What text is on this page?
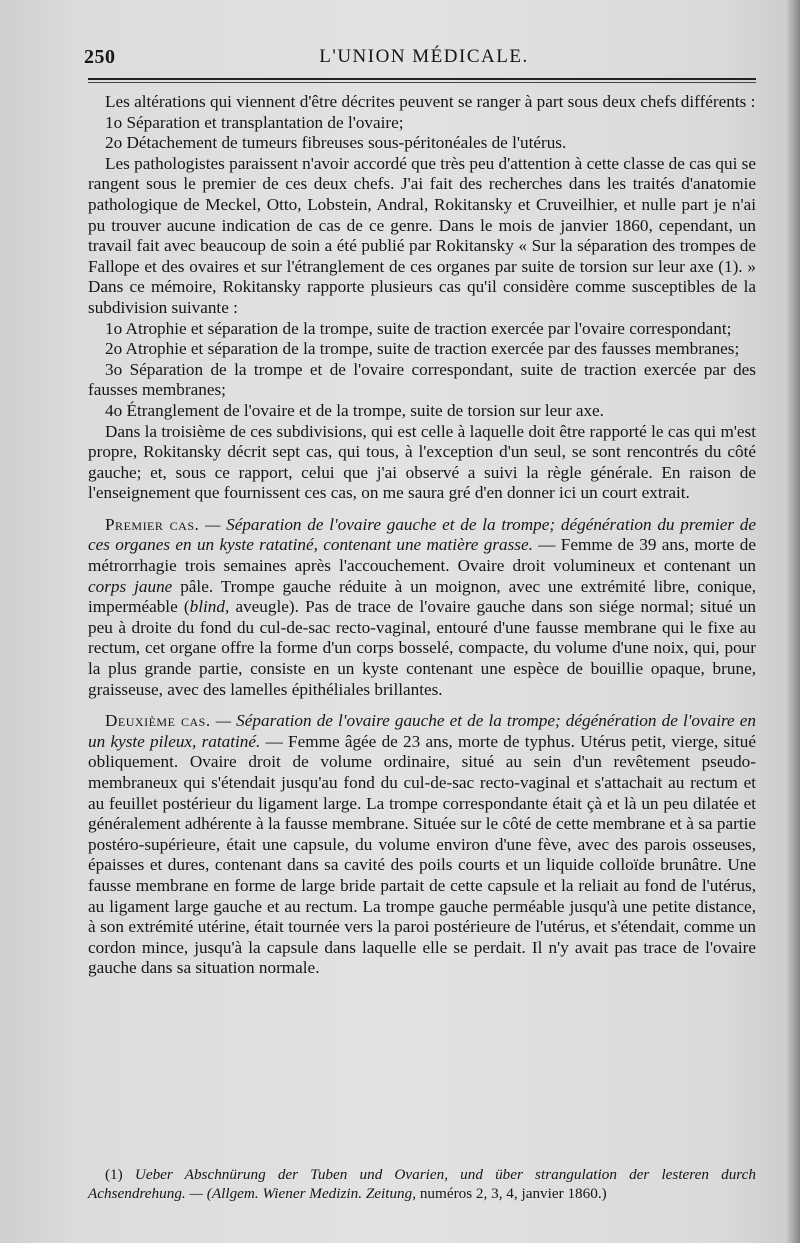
L'UNION MÉDICALE.
250

Les altérations qui viennent d'être décrites peuvent se ranger à part sous deux chefs différents :

1o Séparation et transplantation de l'ovaire;

2o Détachement de tumeurs fibreuses sous-péritonéales de l'utérus.

Les pathologistes paraissent n'avoir accordé que très peu d'attention à cette classe de cas qui se rangent sous le premier de ces deux chefs. J'ai fait des recherches dans les traités d'anatomie pathologique de Meckel, Otto, Lobstein, Andral, Rokitansky et Cruveilhier, et nulle part je n'ai pu trouver aucune indication de cas de ce genre. Dans le mois de janvier 1860, cependant, un travail fait avec beaucoup de soin a été publié par Rokitansky « Sur la séparation des trompes de Fallope et des ovaires et sur l'étranglement de ces organes par suite de torsion sur leur axe (1). » Dans ce mémoire, Rokitansky rapporte plusieurs cas qu'il considère comme susceptibles de la subdivision suivante :

1o Atrophie et séparation de la trompe, suite de traction exercée par l'ovaire correspondant;

2o Atrophie et séparation de la trompe, suite de traction exercée par des fausses membranes;

3o Séparation de la trompe et de l'ovaire correspondant, suite de traction exercée par des fausses membranes;

4o Étranglement de l'ovaire et de la trompe, suite de torsion sur leur axe.

Dans la troisième de ces subdivisions, qui est celle à laquelle doit être rapporté le cas qui m'est propre, Rokitansky décrit sept cas, qui tous, à l'exception d'un seul, se sont rencontrés du côté gauche; et, sous ce rapport, celui que j'ai observé a suivi la règle générale. En raison de l'enseignement que fournissent ces cas, on me saura gré d'en donner ici un court extrait.

Premier cas. — Séparation de l'ovaire gauche et de la trompe; dégénération du premier de ces organes en un kyste ratatiné, contenant une matière grasse. — Femme de 39 ans, morte de métrorrhagie trois semaines après l'accouchement. Ovaire droit volumineux et contenant un corps jaune pâle. Trompe gauche réduite à un moignon, avec une extrémité libre, conique, imperméable (blind, aveugle). Pas de trace de l'ovaire gauche dans son siége normal; situé un peu à droite du fond du cul-de-sac recto-vaginal, entouré d'une fausse membrane qui le fixe au rectum, cet organe offre la forme d'un corps bosselé, compacte, du volume d'une noix, qui, pour la plus grande partie, consiste en un kyste contenant une espèce de bouillie opaque, brune, graisseuse, avec des lamelles épithéliales brillantes.

Deuxième cas. — Séparation de l'ovaire gauche et de la trompe; dégénération de l'ovaire en un kyste pileux, ratatiné. — Femme âgée de 23 ans, morte de typhus. Utérus petit, vierge, situé obliquement. Ovaire droit de volume ordinaire, situé au sein d'un revêtement pseudo-membraneux qui s'étendait jusqu'au fond du cul-de-sac recto-vaginal et s'attachait au rectum et au feuillet postérieur du ligament large. La trompe correspondante était çà et là un peu dilatée et généralement adhérente à la fausse membrane. Située sur le côté de cette membrane et à sa partie postéro-supérieure, était une capsule, du volume environ d'une fève, avec des parois osseuses, épaisses et dures, contenant dans sa cavité des poils courts et un liquide colloïde brunâtre. Une fausse membrane en forme de large bride partait de cette capsule et la reliait au fond de l'utérus, au ligament large gauche et au rectum. La trompe gauche perméable jusqu'à une petite distance, à son extrémité utérine, était tournée vers la paroi postérieure de l'utérus, et s'étendait, comme un cordon mince, jusqu'à la capsule dans laquelle elle se perdait. Il n'y avait pas trace de l'ovaire gauche dans sa situation normale.

(1) Ueber Abschnürung der Tuben und Ovarien, und über strangulation der lesteren durch Achsendrehung. — (Allgem. Wiener Medizin. Zeitung, numéros 2, 3, 4, janvier 1860.)
